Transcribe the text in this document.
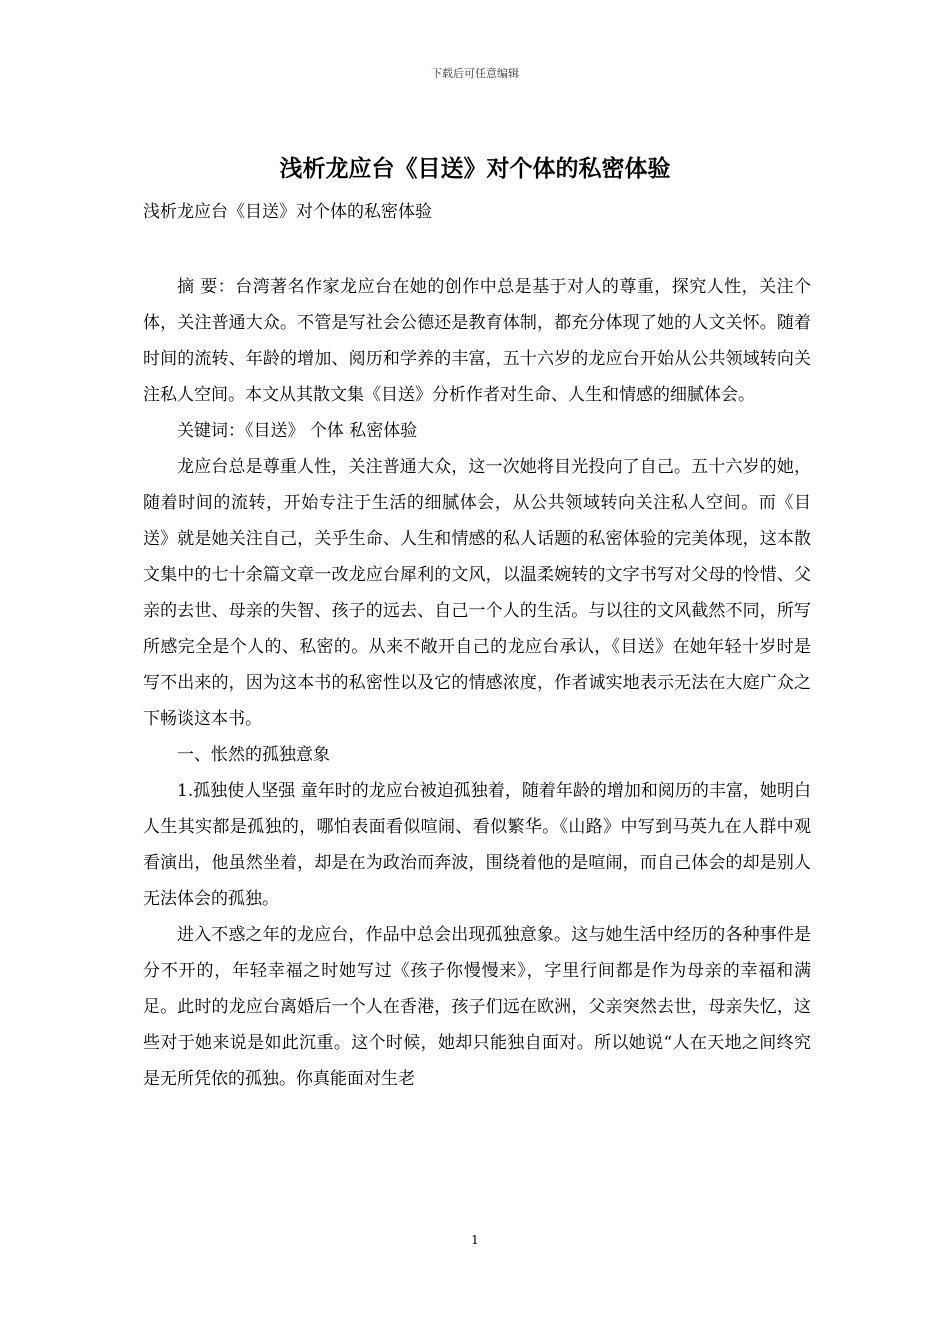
下载后可任意编辑
浅析龙应台《目送》对个体的私密体验
浅析龙应台《目送》对个体的私密体验

摘 要：台湾著名作家龙应台在她的创作中总是基于对人的尊重，探究人性，关注个体，关注普通大众。不管是写社会公德还是教育体制，都充分体现了她的人文关怀。随着时间的流转、年龄的增加、阅历和学养的丰富，五十六岁的龙应台开始从公共领域转向关注私人空间。本文从其散文集《目送》分析作者对生命、人生和情感的细腻体会。

关键词：《目送》 个体 私密体验

龙应台总是尊重人性，关注普通大众，这一次她将目光投向了自己。五十六岁的她，随着时间的流转，开始专注于生活的细腻体会，从公共领域转向关注私人空间。而《目送》就是她关注自己，关乎生命、人生和情感的私人话题的私密体验的完美体现，这本散文集中的七十余篇文章一改龙应台犀利的文风，以温柔婉转的文字书写对父母的怜惜、父亲的去世、母亲的失智、孩子的远去、自己一个人的生活。与以往的文风截然不同，所写所感完全是个人的、私密的。从来不敞开自己的龙应台承认，《目送》在她年轻十岁时是写不出来的，因为这本书的私密性以及它的情感浓度，作者诚实地表示无法在大庭广众之下畅谈这本书。

一、怅然的孤独意象

1.孤独使人坚强 童年时的龙应台被迫孤独着，随着年龄的增加和阅历的丰富，她明白人生其实都是孤独的，哪怕表面看似喧闹、看似繁华。《山路》中写到马英九在人群中观看演出，他虽然坐着，却是在为政治而奔波，围绕着他的是喧闹，而自己体会的却是别人无法体会的孤独。

进入不惑之年的龙应台，作品中总会出现孤独意象。这与她生活中经历的各种事件是分不开的，年轻幸福之时她写过《孩子你慢慢来》，字里行间都是作为母亲的幸福和满足。此时的龙应台离婚后一个人在香港，孩子们远在欧洲，父亲突然去世，母亲失忆，这些对于她来说是如此沉重。这个时候，她却只能独自面对。所以她说“人在天地之间终究是无所凭依的孤独。你真能面对生老

1
